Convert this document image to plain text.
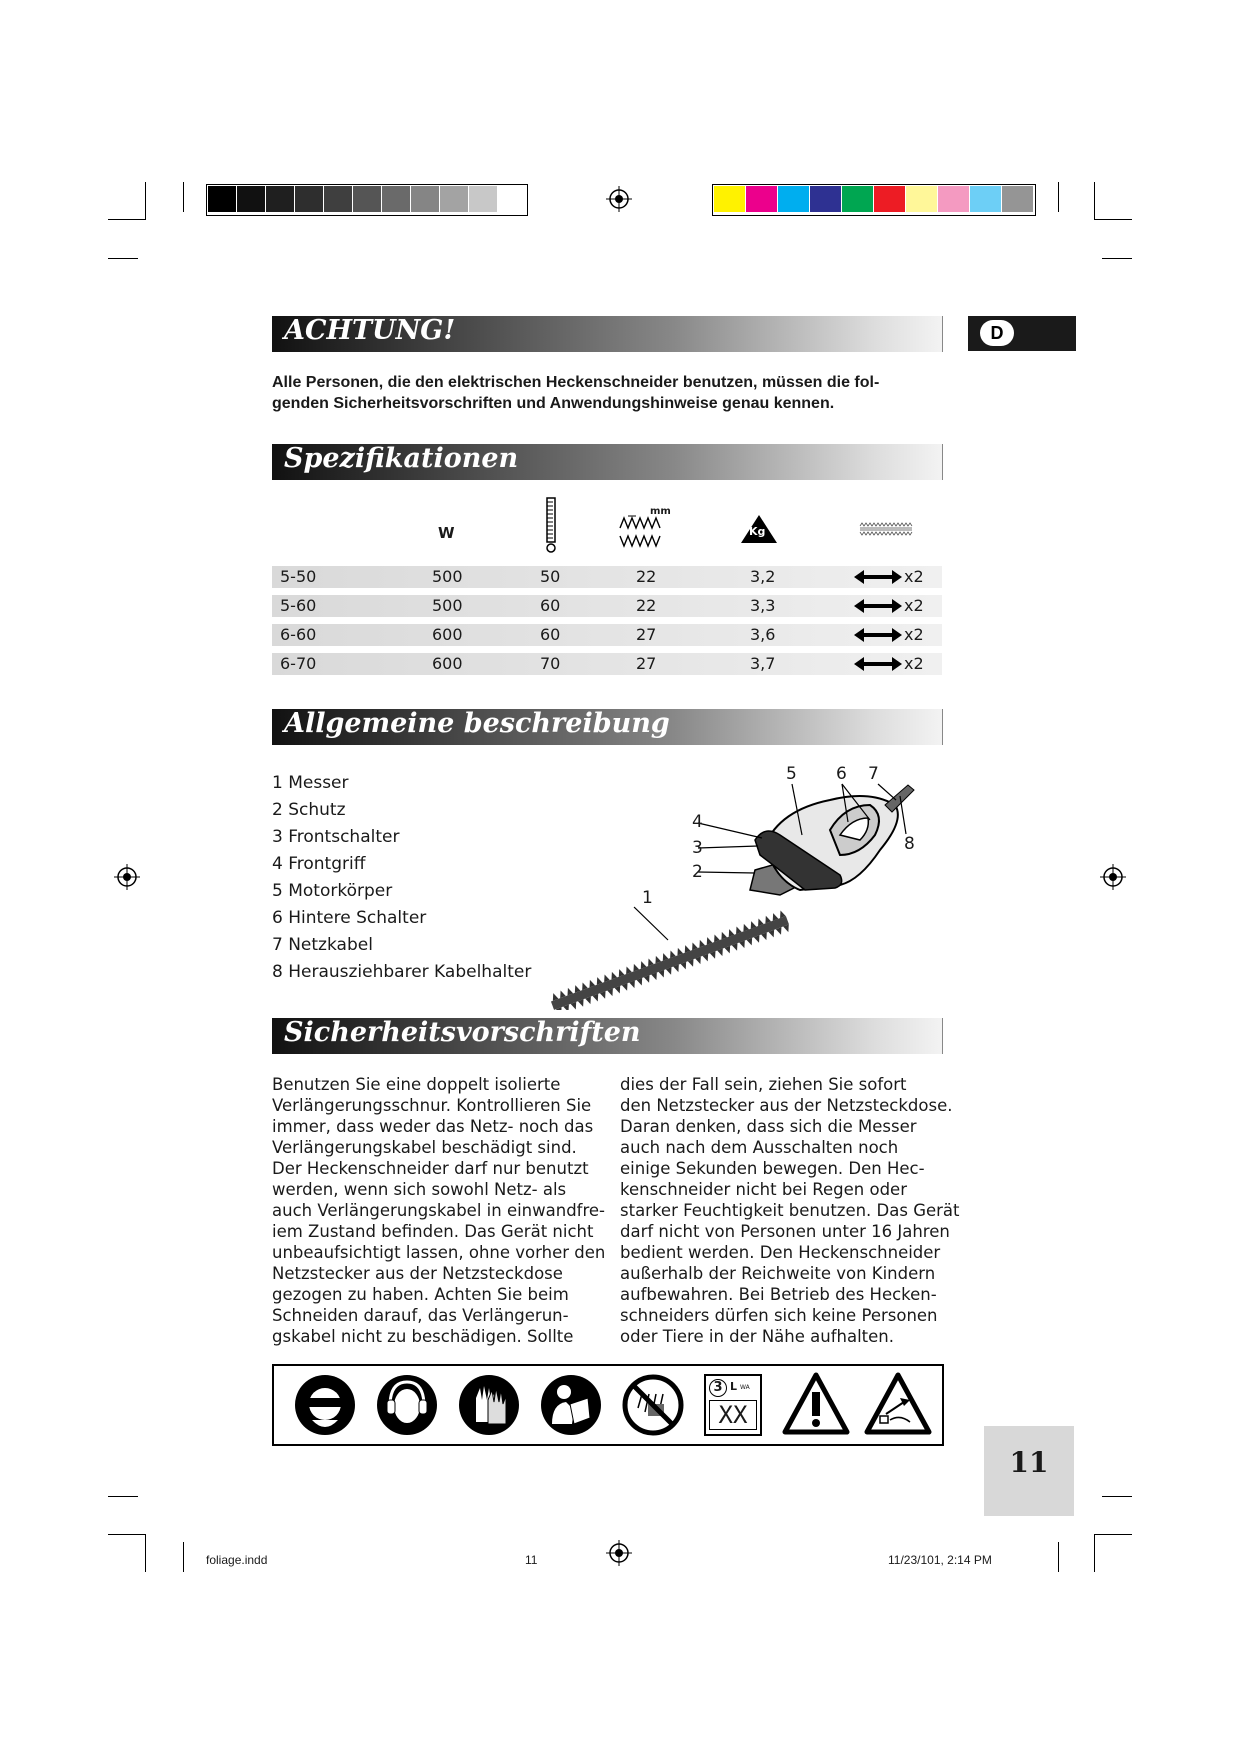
D
ACHTUNG!
Alle Personen, die den elektrischen Heckenschneider benutzen, müssen die fol-
genden Sicherheitsvorschriften und Anwendungshinweise genau kennen.
Spezifikationen
W
mm
Kg
5-50	500	50	22	3,2	x2
5-60	500	60	22	3,3	x2
6-60	600	60	27	3,6	x2
6-70	600	70	27	3,7	x2
Allgemeine beschreibung
1 Messer
2 Schutz
3 Frontschalter
4 Frontgriff
5 Motorkörper
6 Hintere Schalter
7 Netzkabel
8 Herausziehbarer Kabelhalter
1
2
3
4
5 6 7
8
Sicherheitsvorschriften
Benutzen Sie eine doppelt isolierte
Verlängerungsschnur. Kontrollieren Sie
immer, dass weder das Netz- noch das
Verlängerungskabel beschädigt sind.
Der Heckenschneider darf nur benutzt
werden, wenn sich sowohl Netz- als
auch Verlängerungskabel in einwandfre-
iem Zustand befinden. Das Gerät nicht
unbeaufsichtigt lassen, ohne vorher den
Netzstecker aus der Netzsteckdose
gezogen zu haben. Achten Sie beim
Schneiden darauf, das Verlängerun-
gskabel nicht zu beschädigen. Sollte
dies der Fall sein, ziehen Sie sofort
den Netzstecker aus der Netzsteckdose.
Daran denken, dass sich die Messer
auch nach dem Ausschalten noch
einige Sekunden bewegen. Den Hec-
kenschneider nicht bei Regen oder
starker Feuchtigkeit benutzen. Das Gerät
darf nicht von Personen unter 16 Jahren
bedient werden. Den Heckenschneider
außerhalb der Reichweite von Kindern
aufbewahren. Bei Betrieb des Hecken-
schneiders dürfen sich keine Personen
oder Tiere in der Nähe aufhalten.
3 L WA
XX
11
foliage.indd	11	11/23/101, 2:14 PM
